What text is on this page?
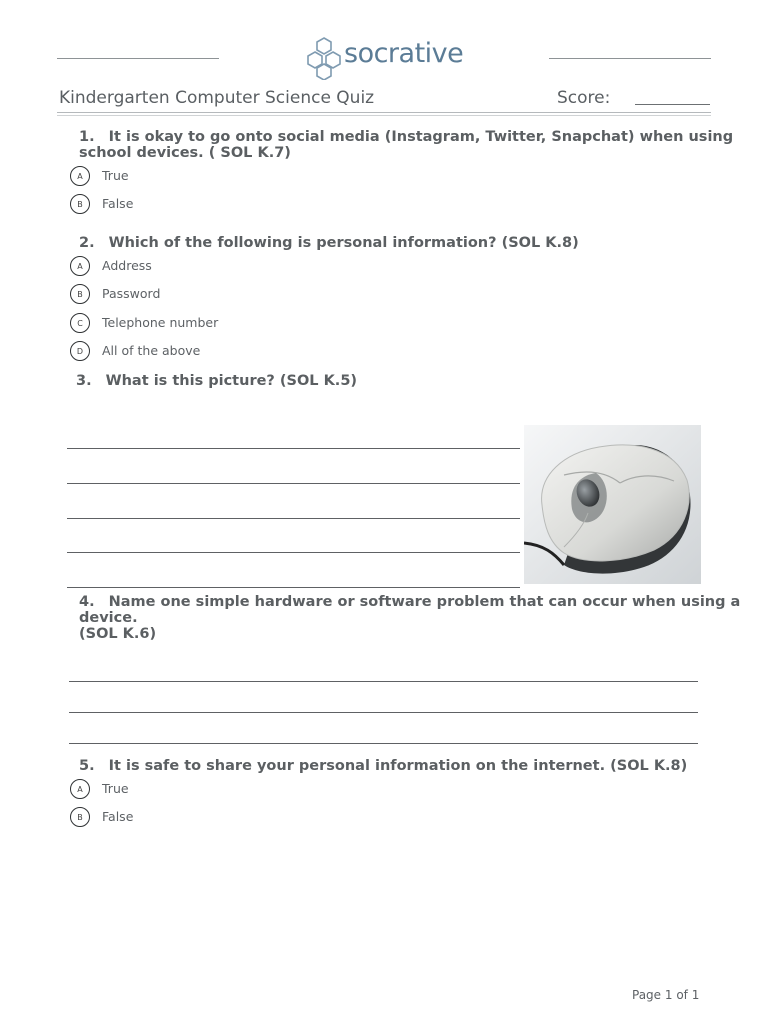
socrative
Kindergarten Computer Science Quiz	Score:
1. It is okay to go onto social media (Instagram, Twitter, Snapchat) when using
school devices. ( SOL K.7)
A	True
B	False
2. Which of the following is personal information? (SOL K.8)
A	Address
B	Password
C	Telephone number
D	All of the above
3. What is this picture? (SOL K.5)
4. Name one simple hardware or software problem that can occur when using a device.
(SOL K.6)
5. It is safe to share your personal information on the internet. (SOL K.8)
A	True
B	False
Page 1 of 1
